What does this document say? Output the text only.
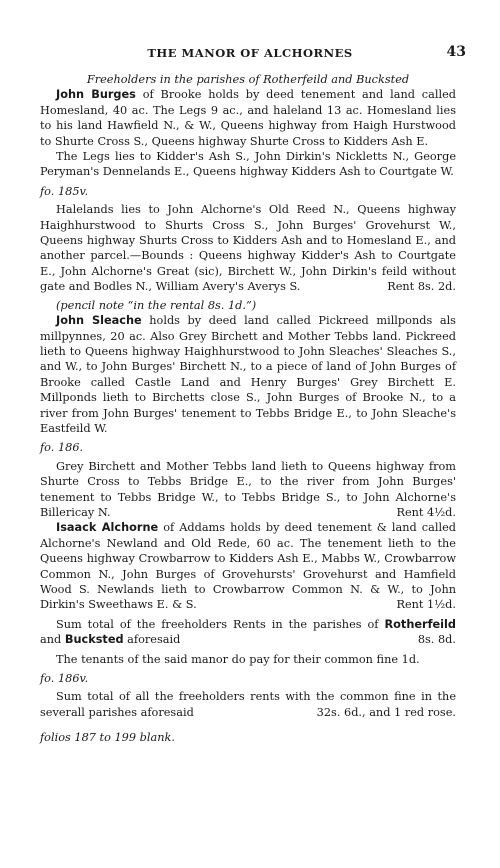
THE MANOR OF ALCHORNES	43

Freeholders in the parishes of Rotherfeild and Bucksted

John Burges of Brooke holds by deed tenement and land called Homesland, 40 ac. The Legs 9 ac., and haleland 13 ac. Homesland lies to his land Hawfield N., & W., Queens highway from Haigh Hurstwood to Shurte Cross S., Queens highway Shurte Cross to Kidders Ash E.

The Legs lies to Kidder's Ash S., John Dirkin's Nickletts N., George Peryman's Dennelands E., Queens highway Kidders Ash to Courtgate W.

fo. 185v.

Halelands lies to John Alchorne's Old Reed N., Queens highway Haighhurstwood to Shurts Cross S., John Burges' Grovehurst W., Queens highway Shurts Cross to Kidders Ash and to Homesland E., and another parcel.—Bounds : Queens highway Kidder's Ash to Courtgate E., John Alchorne's Great (sic), Birchett W., John Dirkin's feild without gate and Bodles N., William Avery's Averys S.	Rent 8s. 2d.

(pencil note “in the rental 8s. 1d.”)

John Sleache holds by deed land called Pickreed millponds als millpynnes, 20 ac. Also Grey Birchett and Mother Tebbs land. Pickreed lieth to Queens highway Haighhurstwood to John Sleaches' Sleaches S., and W., to John Burges' Birchett N., to a piece of land of John Burges of Brooke called Castle Land and Henry Burges' Grey Birchett E. Millponds lieth to Birchetts close S., John Burges of Brooke N., to a river from John Burges' tenement to Tebbs Bridge E., to John Sleache's Eastfeild W.

fo. 186.

Grey Birchett and Mother Tebbs land lieth to Queens highway from Shurte Cross to Tebbs Bridge E., to the river from John Burges' tenement to Tebbs Bridge W., to Tebbs Bridge S., to John Alchorne's Billericay N.	Rent 4½d.

Isaack Alchorne of Addams holds by deed tenement & land called Alchorne's Newland and Old Rede, 60 ac. The tenement lieth to the Queens highway Crowbarrow to Kidders Ash E., Mabbs W., Crowbarrow Common N., John Burges of Grovehursts' Grovehurst and Hamfield Wood S. Newlands lieth to Crowbarrow Common N. & W., to John Dirkin's Sweethaws E. & S.	Rent 1½d.

Sum total of the freeholders Rents in the parishes of Rotherfeild and Bucksted aforesaid	8s. 8d.

The tenants of the said manor do pay for their common fine 1d.

fo. 186v.

Sum total of all the freeholders rents with the common fine in the severall parishes aforesaid	32s. 6d., and 1 red rose.

folios 187 to 199 blank.
